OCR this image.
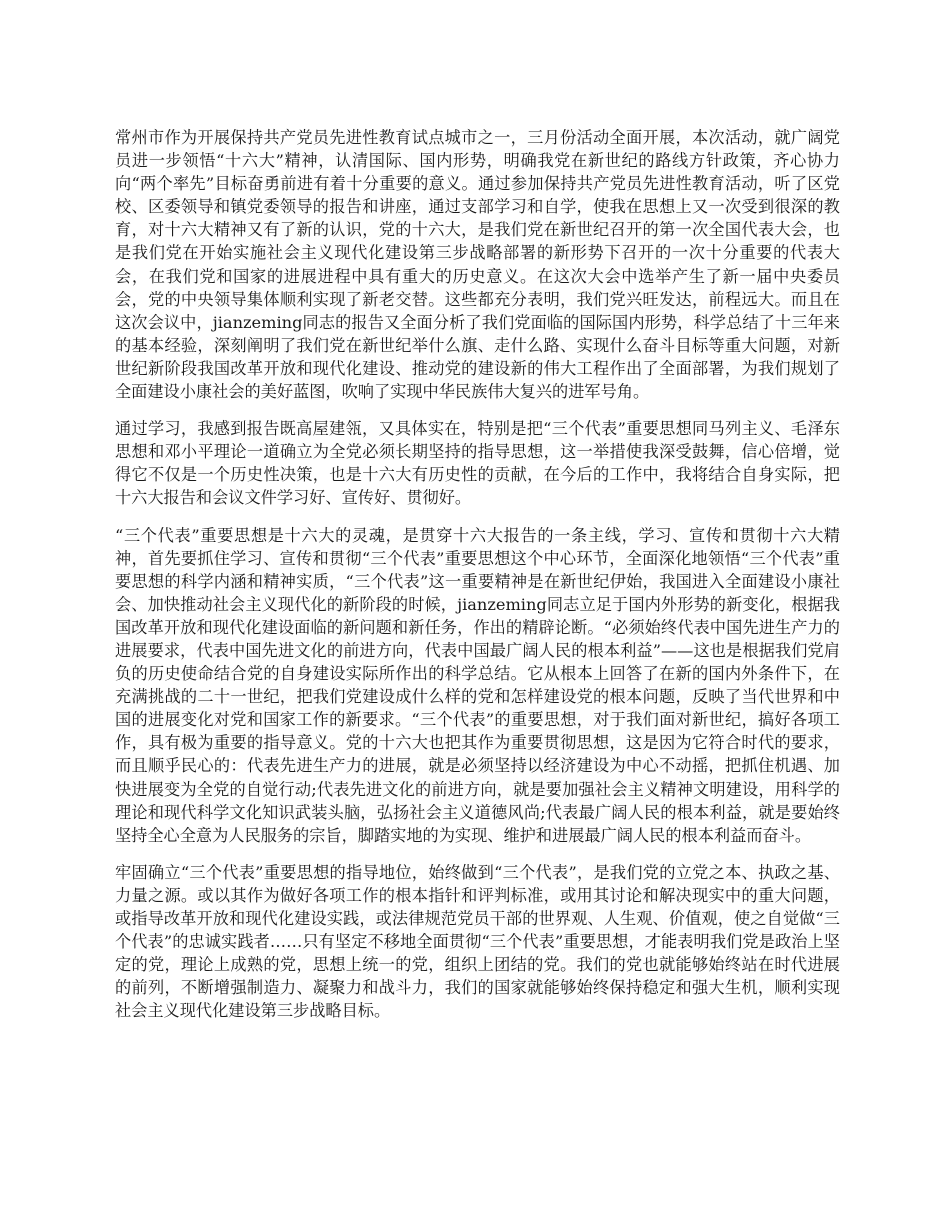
常州市作为开展保持共产党员先进性教育试点城市之一，三月份活动全面开展，本次活动，就广阔党员进一步领悟“十六大”精神，认清国际、国内形势，明确我党在新世纪的路线方针政策，齐心协力向“两个率先”目标奋勇前进有着十分重要的意义。通过参加保持共产党员先进性教育活动，听了区党校、区委领导和镇党委领导的报告和讲座，通过支部学习和自学，使我在思想上又一次受到很深的教育，对十六大精神又有了新的认识，党的十六大，是我们党在新世纪召开的第一次全国代表大会，也是我们党在开始实施社会主义现代化建设第三步战略部署的新形势下召开的一次十分重要的代表大会，在我们党和国家的进展进程中具有重大的历史意义。在这次大会中选举产生了新一届中央委员会，党的中央领导集体顺利实现了新老交替。这些都充分表明，我们党兴旺发达，前程远大。而且在这次会议中，jianzeming同志的报告又全面分析了我们党面临的国际国内形势，科学总结了十三年来的基本经验，深刻阐明了我们党在新世纪举什么旗、走什么路、实现什么奋斗目标等重大问题，对新世纪新阶段我国改革开放和现代化建设、推动党的建设新的伟大工程作出了全面部署，为我们规划了全面建设小康社会的美好蓝图，吹响了实现中华民族伟大复兴的进军号角。

通过学习，我感到报告既高屋建瓴，又具体实在，特别是把“三个代表”重要思想同马列主义、毛泽东思想和邓小平理论一道确立为全党必须长期坚持的指导思想，这一举措使我深受鼓舞，信心倍增，觉得它不仅是一个历史性决策，也是十六大有历史性的贡献，在今后的工作中，我将结合自身实际，把十六大报告和会议文件学习好、宣传好、贯彻好。

“三个代表”重要思想是十六大的灵魂，是贯穿十六大报告的一条主线，学习、宣传和贯彻十六大精神，首先要抓住学习、宣传和贯彻“三个代表”重要思想这个中心环节，全面深化地领悟“三个代表”重要思想的科学内涵和精神实质，“三个代表”这一重要精神是在新世纪伊始，我国进入全面建设小康社会、加快推动社会主义现代化的新阶段的时候，jianzeming同志立足于国内外形势的新变化，根据我国改革开放和现代化建设面临的新问题和新任务，作出的精辟论断。“必须始终代表中国先进生产力的进展要求，代表中国先进文化的前进方向，代表中国最广阔人民的根本利益”——这也是根据我们党肩负的历史使命结合党的自身建设实际所作出的科学总结。它从根本上回答了在新的国内外条件下，在充满挑战的二十一世纪，把我们党建设成什么样的党和怎样建设党的根本问题，反映了当代世界和中国的进展变化对党和国家工作的新要求。“三个代表”的重要思想，对于我们面对新世纪，搞好各项工作，具有极为重要的指导意义。党的十六大也把其作为重要贯彻思想，这是因为它符合时代的要求，而且顺乎民心的：代表先进生产力的进展，就是必须坚持以经济建设为中心不动摇，把抓住机遇、加快进展变为全党的自觉行动;代表先进文化的前进方向，就是要加强社会主义精神文明建设，用科学的理论和现代科学文化知识武装头脑，弘扬社会主义道德风尚;代表最广阔人民的根本利益，就是要始终坚持全心全意为人民服务的宗旨，脚踏实地的为实现、维护和进展最广阔人民的根本利益而奋斗。

牢固确立“三个代表”重要思想的指导地位，始终做到“三个代表”，是我们党的立党之本、执政之基、力量之源。或以其作为做好各项工作的根本指针和评判标准，或用其讨论和解决现实中的重大问题，或指导改革开放和现代化建设实践，或法律规范党员干部的世界观、人生观、价值观，使之自觉做“三个代表”的忠诚实践者……只有坚定不移地全面贯彻“三个代表”重要思想，才能表明我们党是政治上坚定的党，理论上成熟的党，思想上统一的党，组织上团结的党。我们的党也就能够始终站在时代进展的前列，不断增强制造力、凝聚力和战斗力，我们的国家就能够始终保持稳定和强大生机，顺利实现社会主义现代化建设第三步战略目标。
